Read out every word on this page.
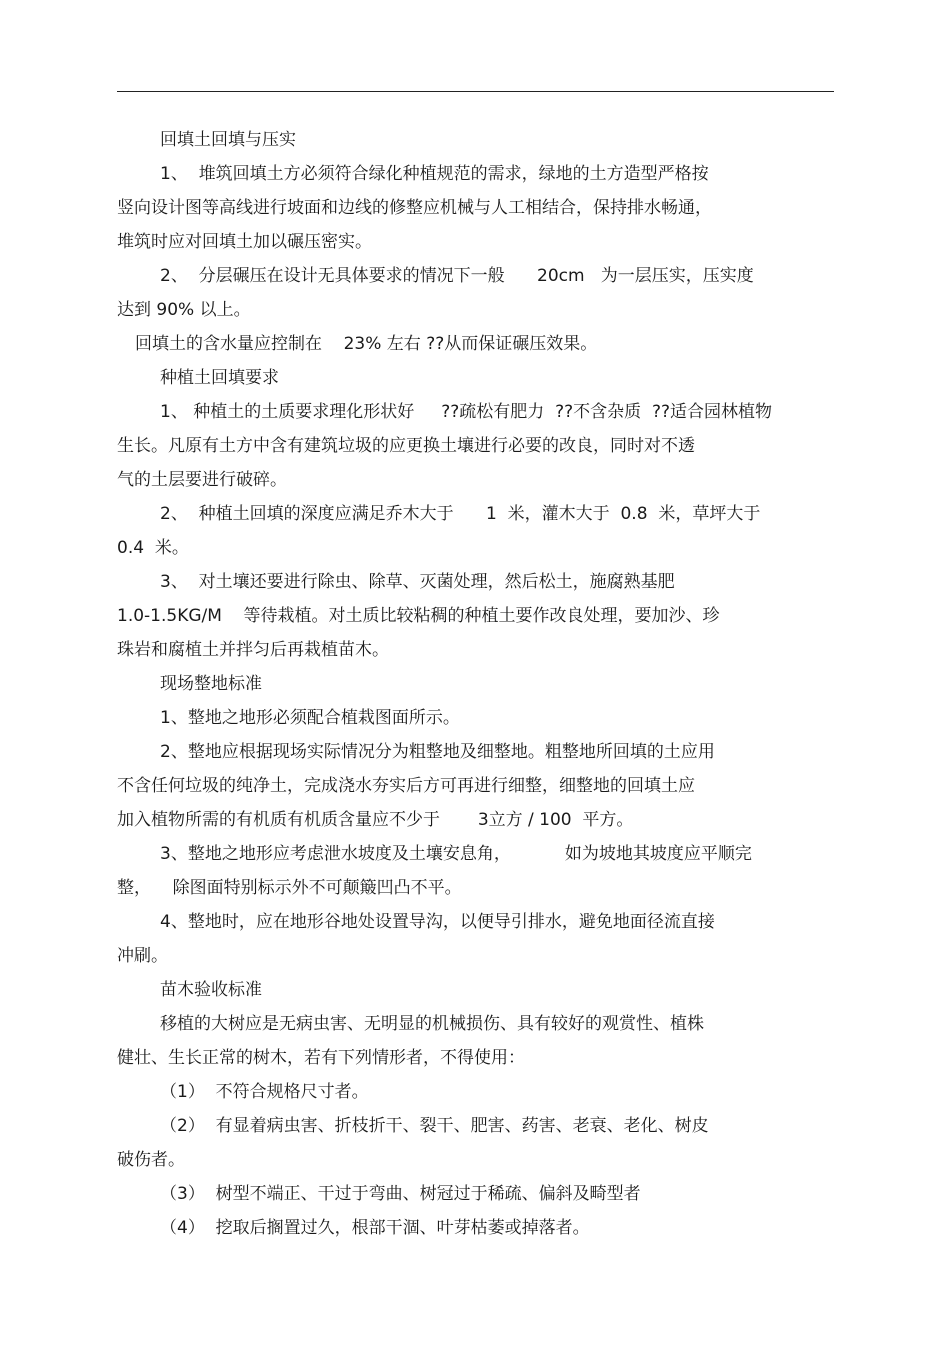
回填土回填与压实
1、  堆筑回填土方必须符合绿化种植规范的需求，绿地的土方造型严格按
竖向设计图等高线进行坡面和边线的修整应机械与人工相结合，保持排水畅通，
堆筑时应对回填土加以碾压密实。
2、  分层碾压在设计无具体要求的情况下一般      20cm   为一层压实，压实度
达到 90% 以上。
回填土的含水量应控制在    23% 左右 ??从而保证碾压效果。
种植土回填要求
1、 种植土的土质要求理化形状好     ??疏松有肥力  ??不含杂质  ??适合园林植物
生长。凡原有土方中含有建筑垃圾的应更换土壤进行必要的改良，同时对不透
气的土层要进行破碎。
2、  种植土回填的深度应满足乔木大于      1  米，灌木大于  0.8  米，草坪大于
0.4  米。
3、  对土壤还要进行除虫、除草、灭菌处理，然后松土，施腐熟基肥
1.0-1.5KG/M    等待栽植。对土质比较粘稠的种植土要作改良处理，要加沙、珍
珠岩和腐植土并拌匀后再栽植苗木。
现场整地标准
1、整地之地形必须配合植栽图面所示。
2、整地应根据现场实际情况分为粗整地及细整地。粗整地所回填的土应用
不含任何垃圾的纯净土，完成浇水夯实后方可再进行细整，细整地的回填土应
加入植物所需的有机质有机质含量应不少于       3立方 / 100  平方。
3、整地之地形应考虑泄水坡度及土壤安息角，          如为坡地其坡度应平顺完
整，    除图面特别标示外不可颠簸凹凸不平。
4、整地时，应在地形谷地处设置导沟，以便导引排水，避免地面径流直接
冲刷。
苗木验收标准
移植的大树应是无病虫害、无明显的机械损伤、具有较好的观赏性、植株
健壮、生长正常的树木，若有下列情形者，不得使用：
（1）  不符合规格尺寸者。
（2）  有显着病虫害、折枝折干、裂干、肥害、药害、老衰、老化、树皮
破伤者。
（3）  树型不端正、干过于弯曲、树冠过于稀疏、偏斜及畸型者
（4）  挖取后搁置过久，根部干涸、叶芽枯萎或掉落者。
